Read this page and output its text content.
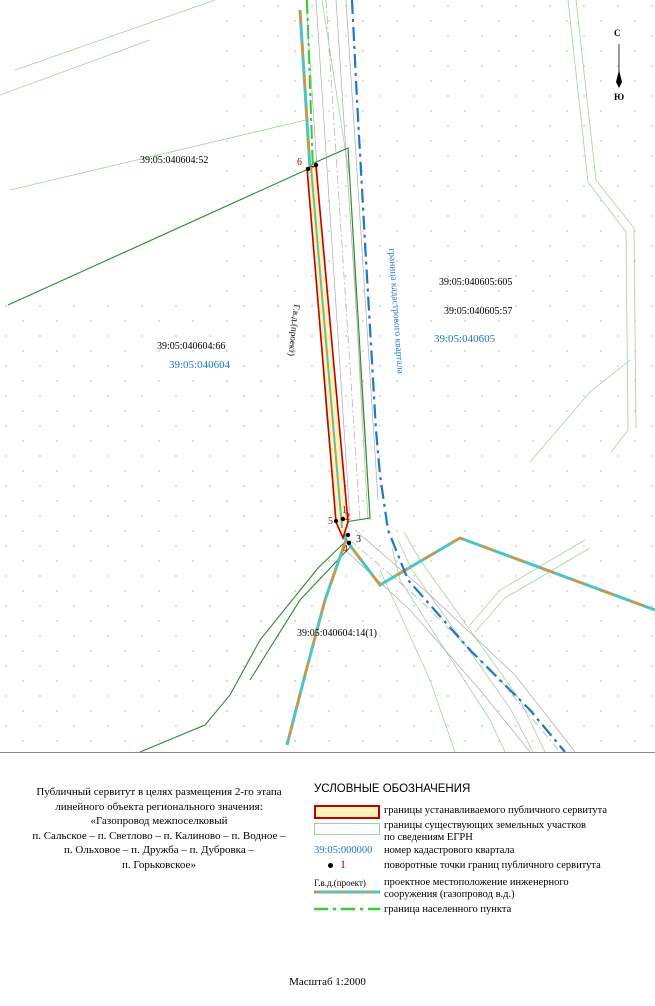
С
Ю
39:05:040604:52
39:05:040605:605
39:05:040605:57
39:05:040604:66
39:05:040604:14(1)
39:05:040604
39:05:040605
Г.в.д.(проект)	граница кадастрового квартала
6
5
1
2
3
4
Публичный сервитут в целях размещения 2-го этапа
линейного объекта регионального значения:
«Газопровод межпоселковый
п. Сальское – п. Светлово – п. Калиново – п. Водное –
п. Ольховое – п. Дружба – п. Дубровка –
п. Горьковское»
УСЛОВНЫЕ ОБОЗНАЧЕНИЯ
границы устанавливаемого публичного сервитута
границы существующих земельных участков
по сведениям ЕГРН
39:05:000000 номер кадастрового квартала
1	поворотные точки границ публичного сервитута
Г.в.д.(проект) проектное местоположение инженерного
сооружения (газопровод в.д.)
граница населенного пункта
Масштаб 1:2000
